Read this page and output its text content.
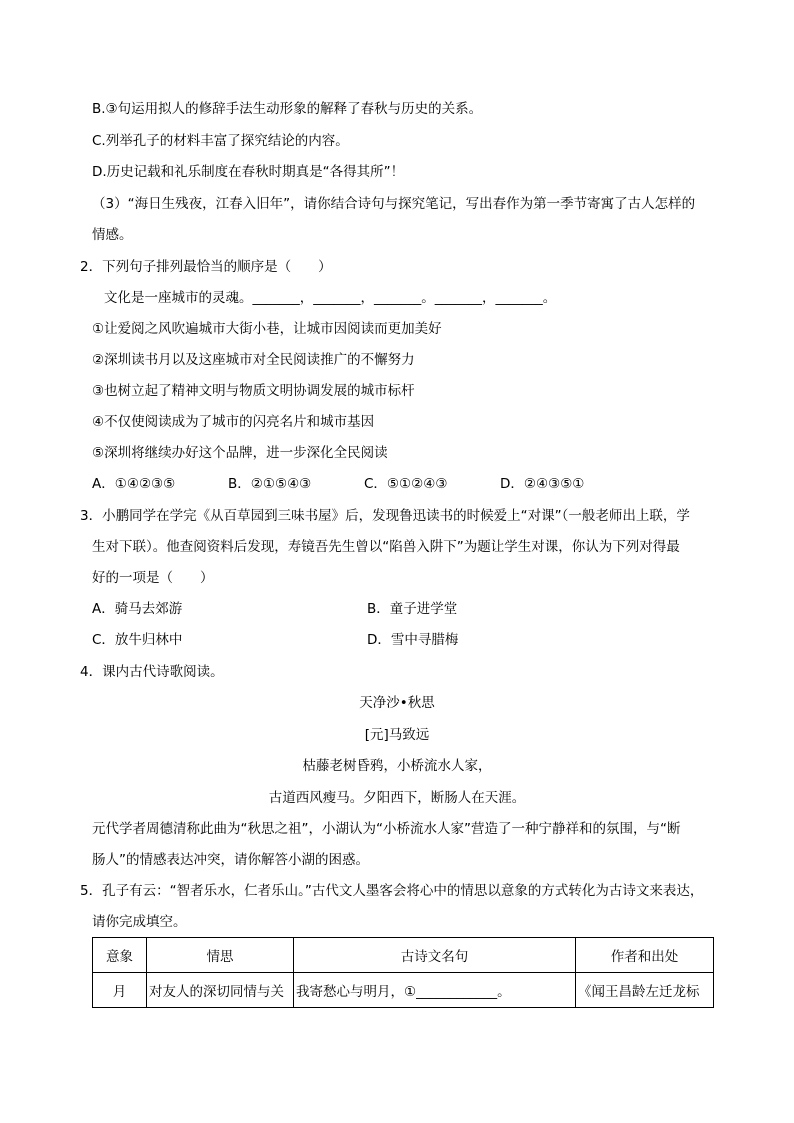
B.③句运用拟人的修辞手法生动形象的解释了春秋与历史的关系。
C.列举孔子的材料丰富了探究结论的内容。
D.历史记载和礼乐制度在春秋时期真是“各得其所”！
（3）“海日生残夜，江春入旧年”，请你结合诗句与探究笔记，写出春作为第一季节寄寓了古人怎样的
情感。
2．下列句子排列最恰当的顺序是（　　）
文化是一座城市的灵魂。_______，_______，_______。_______，_______。
①让爱阅之风吹遍城市大街小巷，让城市因阅读而更加美好
②深圳读书月以及这座城市对全民阅读推广的不懈努力
③也树立起了精神文明与物质文明协调发展的城市标杆
④不仅使阅读成为了城市的闪亮名片和城市基因
⑤深圳将继续办好这个品牌，进一步深化全民阅读
A．①④②③⑤	B．②①⑤④③	C．⑤①②④③	D．②④③⑤①
3．小鹏同学在学完《从百草园到三味书屋》后，发现鲁迅读书的时候爱上“对课”（一般老师出上联，学
生对下联）。他查阅资料后发现，寿镜吾先生曾以“陷兽入阱下”为题让学生对课，你认为下列对得最
好的一项是（　　）
A．骑马去郊游	B．童子进学堂
C．放牛归林中	D．雪中寻腊梅
4．课内古代诗歌阅读。
天净沙•秋思
[元]马致远
枯藤老树昏鸦，小桥流水人家，
古道西风瘦马。夕阳西下，断肠人在天涯。
元代学者周德清称此曲为“秋思之祖”，小湖认为“小桥流水人家”营造了一种宁静祥和的氛围，与“断
肠人”的情感表达冲突，请你解答小湖的困惑。
5．孔子有云：“智者乐水，仁者乐山。”古代文人墨客会将心中的情思以意象的方式转化为古诗文来表达，
请你完成填空。
意象	情思	古诗文名句	作者和出处
月	对友人的深切同情与关	我寄愁心与明月，①____________。	《闻王昌龄左迁龙标
